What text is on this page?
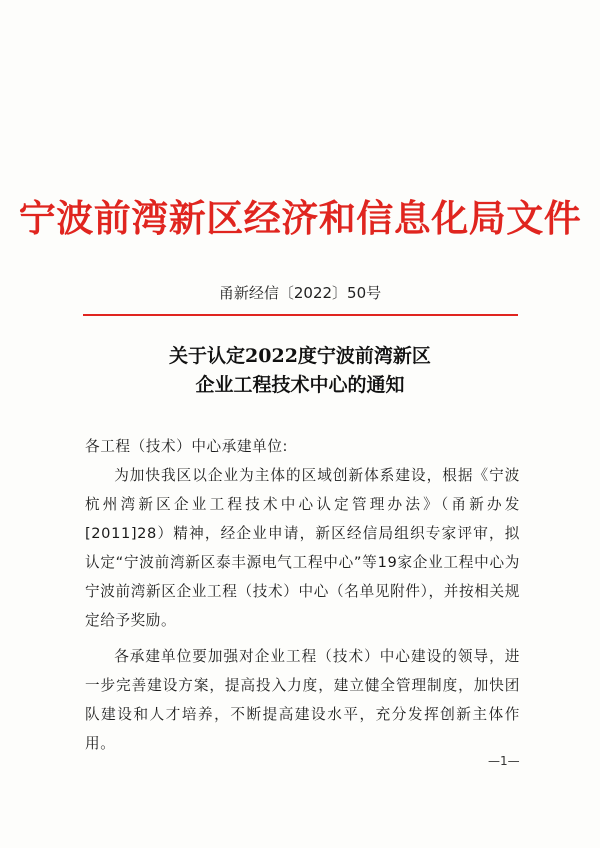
宁波前湾新区经济和信息化局文件
甬新经信〔2022〕50号
关于认定2022度宁波前湾新区
企业工程技术中心的通知
各工程（技术）中心承建单位:

为加快我区以企业为主体的区域创新体系建设，根据《宁波杭州湾新区企业工程技术中心认定管理办法》（甬新办发[2011]28）精神，经企业申请，新区经信局组织专家评审，拟认定“宁波前湾新区泰丰源电气工程中心”等19家企业工程中心为宁波前湾新区企业工程（技术）中心（名单见附件），并按相关规定给予奖励。

各承建单位要加强对企业工程（技术）中心建设的领导，进一步完善建设方案，提高投入力度，建立健全管理制度，加快团队建设和人才培养，不断提高建设水平，充分发挥创新主体作用。

—1—
